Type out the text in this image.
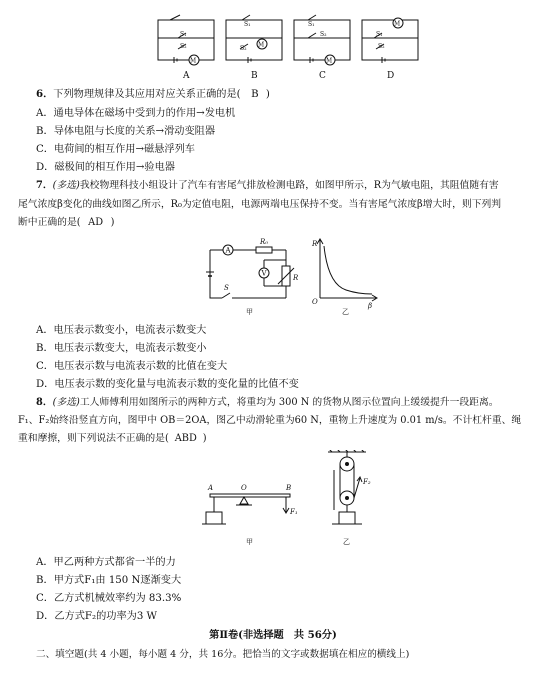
M
M
M
M
S₁
S₂
S₁
S₂
S₁
S₂	S₁
S₂
A	B	C	D
6．下列物理规律及其应用对应关系正确的是( B )
A．通电导体在磁场中受到力的作用→发电机
B．导体电阻与长度的关系→滑动变阻器
C．电荷间的相互作用→磁悬浮列车
D．磁极间的相互作用→验电器
7．(多选)我校物理科技小组设计了汽车有害尾气排放检测电路，如图甲所示，R为气敏电阻，其阻值随有害
尾气浓度β变化的曲线如图乙所示，R₀为定值电阻，电源两端电压保持不变。当有害尾气浓度β增大时，则下列判
断中正确的是( AD )
A
V
R₀
R
S
甲
R
O	β
乙
A．电压表示数变小，电流表示数变大
B．电压表示数变大，电流表示数变小
C．电压表示数与电流表示数的比值在变大
D．电压表示数的变化量与电流表示数的变化量的比值不变
8．(多选)工人师傅利用如图所示的两种方式，将重均为 300 N 的货物从图示位置向上缓缓提升一段距离。
F₁、F₂始终沿竖直方向，图甲中 OB＝2OA，图乙中动滑轮重为60 N，重物上升速度为 0.01 m/s。不计杠杆重、绳
重和摩擦，则下列说法不正确的是( ABD )
A	O	B
F₁
甲
F₂
乙
A．甲乙两种方式都省一半的力
B．甲方式F₁由 150 N逐渐变大
C．乙方式机械效率约为 83.3%
D．乙方式F₂的功率为3 W
第Ⅱ卷(非选择题　共 56分)
二、填空题(共 4 小题，每小题 4 分，共 16分。把恰当的文字或数据填在相应的横线上)
